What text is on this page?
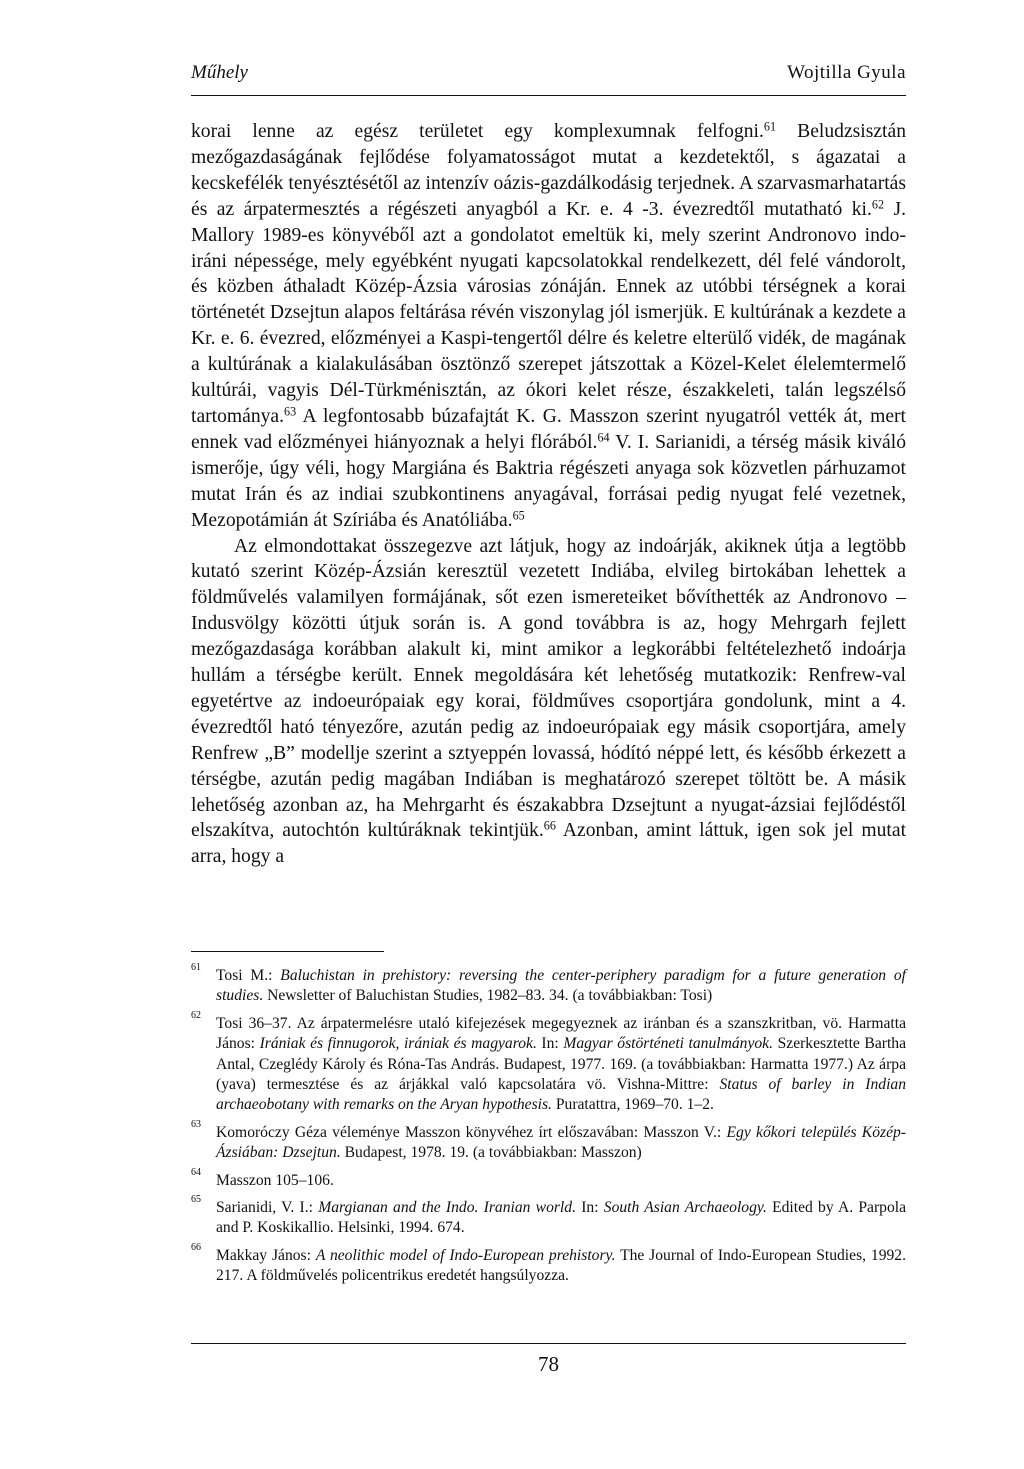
Műhely	Wojtilla Gyula

korai lenne az egész területet egy komplexumnak felfogni.$^{61}$ Beludzsisztán mezőgazdaságának fejlődése folyamatosságot mutat a kezdetektől, s ágazatai a kecskefélék tenyésztésétől az intenzív oázis-gazdálkodásig terjednek. A szarvasmarhatartás és az árpatermesztés a régészeti anyagból a Kr. e. 4 -3. évezredtől mutatható ki.$^{62}$ J. Mallory 1989-es könyvéből azt a gondolatot emeltük ki, mely szerint Andronovo indo-iráni népessége, mely egyébként nyugati kapcsolatokkal rendelkezett, dél felé vándorolt, és közben áthaladt Közép-Ázsia városias zónáján. Ennek az utóbbi térségnek a korai történetét Dzsejtun alapos feltárása révén viszonylag jól ismerjük. E kultúrának a kezdete a Kr. e. 6. évezred, előzményei a Kaspi-tengertől délre és keletre elterülő vidék, de magának a kultúrának a kialakulásában ösztönző szerepet játszottak a Közel-Kelet élelemtermelő kultúrái, vagyis Dél-Türkménisztán, az ókori kelet része, északkeleti, talán legszélső tartománya.$^{63}$ A legfontosabb búzafajtát K. G. Masszon szerint nyugatról vették át, mert ennek vad előzményei hiányoznak a helyi flórából.$^{64}$ V. I. Sarianidi, a térség másik kiváló ismerője, úgy véli, hogy Margiána és Baktria régészeti anyaga sok közvetlen párhuzamot mutat Irán és az indiai szubkontinens anyagával, forrásai pedig nyugat felé vezetnek, Mezopotámián át Szíriába és Anatóliába.$^{65}$

Az elmondottakat összegezve azt látjuk, hogy az indoárják, akiknek útja a legtöbb kutató szerint Közép-Ázsián keresztül vezetett Indiába, elvileg birtokában lehettek a földművelés valamilyen formájának, sőt ezen ismereteiket bővíthették az Andronovo – Indusvölgy közötti útjuk során is. A gond továbbra is az, hogy Mehrgarh fejlett mezőgazdasága korábban alakult ki, mint amikor a legkorábbi feltételezhető indoárja hullám a térségbe került. Ennek megoldására két lehetőség mutatkozik: Renfrew-val egyetértve az indoeurópaiak egy korai, földműves csoportjára gondolunk, mint a 4. évezredtől ható tényezőre, azután pedig az indoeurópaiak egy másik csoportjára, amely Renfrew „B” modellje szerint a sztyeppén lovassá, hódító néppé lett, és később érkezett a térségbe, azután pedig magában Indiában is meghatározó szerepet töltött be. A másik lehetőség azonban az, ha Mehrgarht és északabbra Dzsejtunt a nyugat-ázsiai fejlődéstől elszakítva, autochtón kultúráknak tekintjük.$^{66}$ Azonban, amint láttuk, igen sok jel mutat arra, hogy a

61 Tosi M.: Baluchistan in prehistory: reversing the center-periphery paradigm for a future generation of studies. Newsletter of Baluchistan Studies, 1982–83. 34. (a továbbiakban: Tosi)
62 Tosi 36–37. Az árpatermelésre utaló kifejezések megegyeznek az iránban és a szanszkritban, vö. Harmatta János: Irániak és finnugorok, irániak és magyarok. In: Magyar őstörténeti tanulmányok. Szerkesztette Bartha Antal, Czeglédy Károly és Róna-Tas András. Budapest, 1977. 169. (a továbbiakban: Harmatta 1977.) Az árpa (yava) termesztése és az árjákkal való kapcsolatára vö. Vishna-Mittre: Status of barley in Indian archaeobotany with remarks on the Aryan hypothesis. Puratattra, 1969–70. 1–2.
63 Komoróczy Géza véleménye Masszon könyvéhez írt előszavában: Masszon V.: Egy kőkori település Közép-Ázsiában: Dzsejtun. Budapest, 1978. 19. (a továbbiakban: Masszon)
64 Masszon 105–106.
65 Sarianidi, V. I.: Margianan and the Indo. Iranian world. In: South Asian Archaeology. Edited by A. Parpola and P. Koskikallio. Helsinki, 1994. 674.
66 Makkay János: A neolithic model of Indo-European prehistory. The Journal of Indo-European Studies, 1992. 217. A földművelés policentrikus eredetét hangsúlyozza.
78
